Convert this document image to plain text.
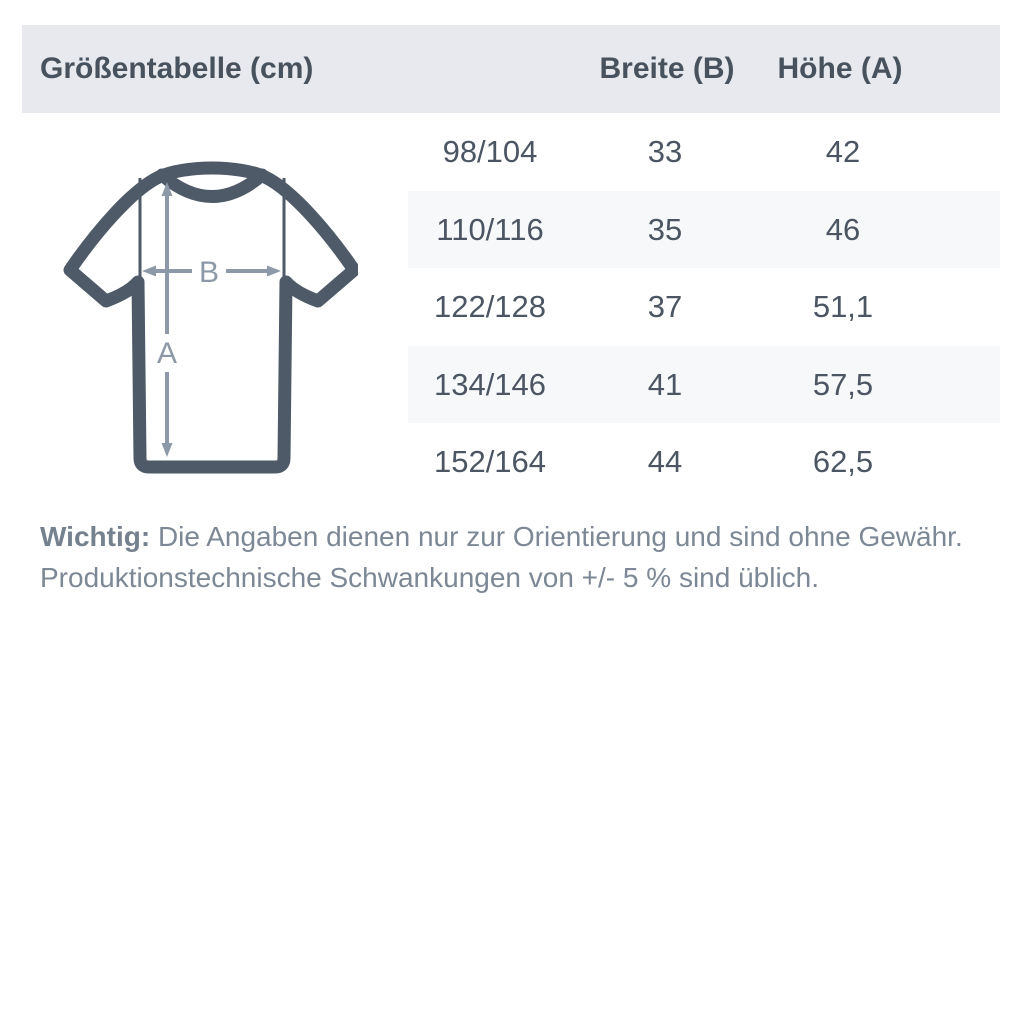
Größentabelle (cm)	Breite (B)	Höhe (A)
98/104	33	42
110/116	35	46
122/128	37	51,1
134/146	41	57,5
152/164	44	62,5
A
B
Wichtig: Die Angaben dienen nur zur Orientierung und sind ohne Gewähr.
Produktionstechnische Schwankungen von +/- 5 % sind üblich.
